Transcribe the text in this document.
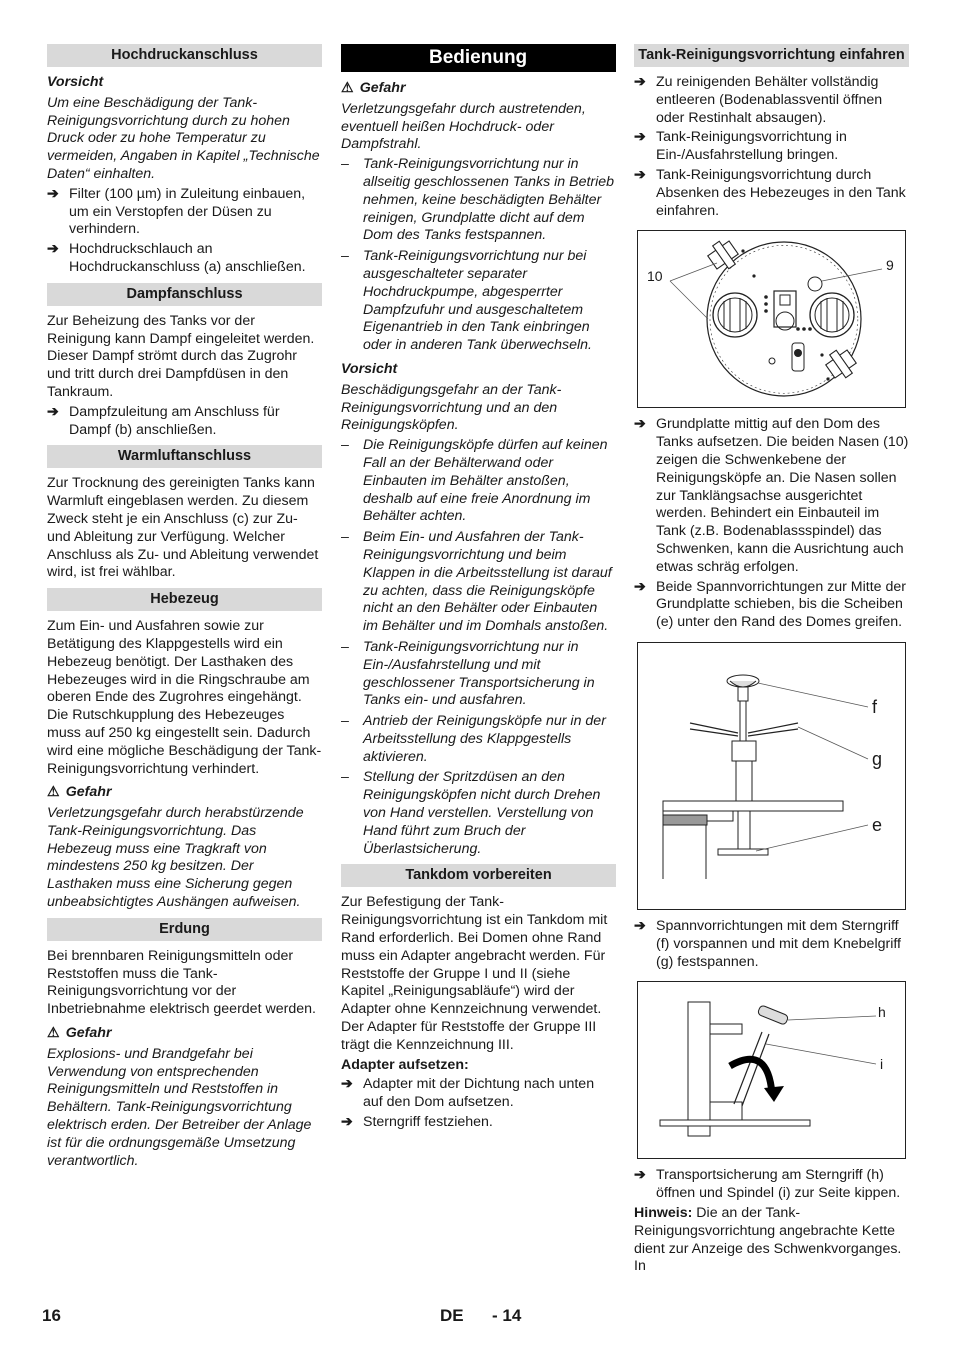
Hochdruckanschluss
Vorsicht

Um eine Beschädigung der Tank-Reinigungsvorrichtung durch zu hohen Druck oder zu hohe Temperatur zu vermeiden, Angaben in Kapitel „Technische Daten“ einhalten.

➔ Filter (100 µm) in Zuleitung einbauen, um ein Verstopfen der Düsen zu verhindern.
➔ Hochdruckschlauch an Hochdruckanschluss (a) anschließen.
Dampfanschluss

Zur Beheizung des Tanks vor der Reinigung kann Dampf eingeleitet werden. Dieser Dampf strömt durch das Zugrohr und tritt durch drei Dampfdüsen in den Tankraum.

➔ Dampfzuleitung am Anschluss für Dampf (b) anschließen.
Warmluftanschluss

Zur Trocknung des gereinigten Tanks kann Warmluft eingeblasen werden. Zu diesem Zweck steht je ein Anschluss (c) zur Zu- und Ableitung zur Verfügung. Welcher Anschluss als Zu- und Ableitung verwendet wird, ist frei wählbar.

Hebezeug

Zum Ein- und Ausfahren sowie zur Betätigung des Klappgestells wird ein Hebezeug benötigt. Der Lasthaken des Hebezeuges wird in die Ringschraube am oberen Ende des Zugrohres eingehängt. Die Rutschkupplung des Hebezeuges muss auf 250 kg eingestellt sein. Dadurch wird eine mögliche Beschädigung der Tank-Reinigungsvorrichtung verhindert.

⚠ Gefahr

Verletzungsgefahr durch herabstürzende Tank-Reinigungsvorrichtung. Das Hebezeug muss eine Tragkraft von mindestens 250 kg besitzen. Der Lasthaken muss eine Sicherung gegen unbeabsichtigtes Aushängen aufweisen.

Erdung

Bei brennbaren Reinigungsmitteln oder Reststoffen muss die Tank-Reinigungsvorrichtung vor der Inbetriebnahme elektrisch geerdet werden.

⚠ Gefahr

Explosions- und Brandgefahr bei Verwendung von entsprechenden Reinigungsmitteln und Reststoffen in Behältern. Tank-Reinigungsvorrichtung elektrisch erden. Der Betreiber der Anlage ist für die ordnungsgemäße Umsetzung verantwortlich.

Bedienung
⚠ Gefahr

Verletzungsgefahr durch austretenden, eventuell heißen Hochdruck- oder Dampfstrahl.

– Tank-Reinigungsvorrichtung nur in allseitig geschlossenen Tanks in Betrieb nehmen, keine beschädigten Behälter reinigen, Grundplatte dicht auf dem Dom des Tanks festspannen.
– Tank-Reinigungsvorrichtung nur bei ausgeschalteter separater Hochdruckpumpe, abgesperrter Dampfzufuhr und ausgeschaltetem Eigenantrieb in den Tank einbringen oder in anderen Tank überwechseln.
Vorsicht

Beschädigungsgefahr an der Tank-Reinigungsvorrichtung und an den Reinigungsköpfen.

– Die Reinigungsköpfe dürfen auf keinen Fall an der Behälterwand oder Einbauten im Behälter anstoßen, deshalb auf eine freie Anordnung im Behälter achten.
– Beim Ein- und Ausfahren der Tank-Reinigungsvorrichtung und beim Klappen in die Arbeitsstellung ist darauf zu achten, dass die Reinigungsköpfe nicht an den Behälter oder Einbauten im Behälter und im Domhals anstoßen.
– Tank-Reinigungsvorrichtung nur in Ein-/Ausfahrstellung und mit geschlossener Transportsicherung in Tanks ein- und ausfahren.
– Antrieb der Reinigungsköpfe nur in der Arbeitsstellung des Klappgestells aktivieren.
– Stellung der Spritzdüsen an den Reinigungsköpfen nicht durch Drehen von Hand verstellen. Verstellung von Hand führt zum Bruch der Überlastsicherung.
Tankdom vorbereiten

Zur Befestigung der Tank-Reinigungsvorrichtung ist ein Tankdom mit Rand erforderlich. Bei Domen ohne Rand muss ein Adapter angebracht werden. Für Reststoffe der Gruppe I und II (siehe Kapitel „Reinigungsabläufe“) wird der Adapter ohne Kennzeichnung verwendet. Der Adapter für Reststoffe der Gruppe III trägt die Kennzeichnung III.

Adapter aufsetzen:
➔ Adapter mit der Dichtung nach unten auf den Dom aufsetzen.
➔ Sterngriff festziehen.
Tank-Reinigungsvorrichtung einfahren
➔ Zu reinigenden Behälter vollständig entleeren (Bodenablassventil öffnen oder Restinhalt absaugen).
➔ Tank-Reinigungsvorrichtung in Ein-/Ausfahrstellung bringen.
➔ Tank-Reinigungsvorrichtung durch Absenken des Hebezeuges in den Tank einfahren.
10
9
➔ Grundplatte mittig auf den Dom des Tanks aufsetzen. Die beiden Nasen (10) zeigen die Schwenkebene der Reinigungsköpfe an. Die Nasen sollen zur Tanklängsachse ausgerichtet werden. Behindert ein Einbauteil im Tank (z.B. Bodenablassspindel) das Schwenken, kann die Ausrichtung auch etwas schräg erfolgen.
➔ Beide Spannvorrichtungen zur Mitte der Grundplatte schieben, bis die Scheiben (e) unter den Rand des Domes greifen.
f
g
e
➔ Spannvorrichtungen mit dem Sterngriff (f) vorspannen und mit dem Knebelgriff (g) festspannen.
h
i
➔ Transportsicherung am Sterngriff (h) öffnen und Spindel (i) zur Seite kippen.

Hinweis: Die an der Tank-Reinigungsvorrichtung angebrachte Kette dient zur Anzeige des Schwenkvorganges. In

16	DE - 14
